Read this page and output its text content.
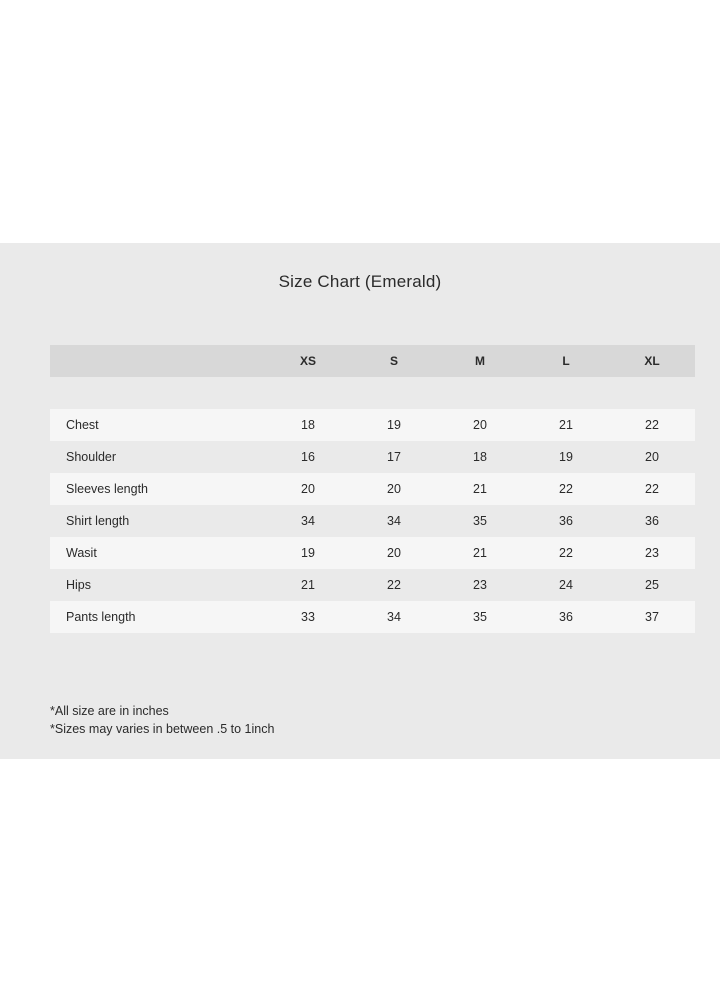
Size Chart (Emerald)
	XS	S	M	L	XL

Chest	18	19	20	21	22
Shoulder	16	17	18	19	20
Sleeves length	20	20	21	22	22
Shirt length	34	34	35	36	36
Wasit	19	20	21	22	23
Hips	21	22	23	24	25
Pants length	33	34	35	36	37
*All size are in inches
*Sizes may varies in between .5 to 1inch
